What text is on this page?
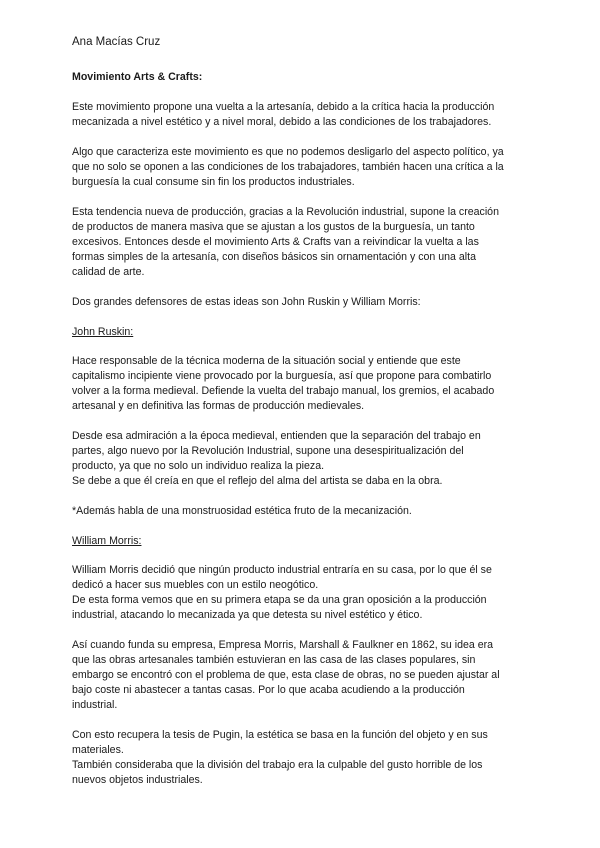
Ana Macías Cruz
Movimiento Arts & Crafts:

Este movimiento propone una vuelta a la artesanía, debido a la crítica hacia la producción
mecanizada a nivel estético y a nivel moral, debido a las condiciones de los trabajadores.

Algo que caracteriza este movimiento es que no podemos desligarlo del aspecto político, ya
que no solo se oponen a las condiciones de los trabajadores, también hacen una crítica a la
burguesía la cual consume sin fin los productos industriales.

Esta tendencia nueva de producción, gracias a la Revolución industrial, supone la creación
de productos de manera masiva que se ajustan a los gustos de la burguesía, un tanto
excesivos. Entonces desde el movimiento Arts & Crafts van a reivindicar la vuelta a las
formas simples de la artesanía, con diseños básicos sin ornamentación y con una alta
calidad de arte.

Dos grandes defensores de estas ideas son John Ruskin y William Morris:

John Ruskin:

Hace responsable de la técnica moderna de la situación social y entiende que este
capitalismo incipiente viene provocado por la burguesía, así que propone para combatirlo
volver a la forma medieval. Defiende la vuelta del trabajo manual, los gremios, el acabado
artesanal y en definitiva las formas de producción medievales.

Desde esa admiración a la época medieval, entienden que la separación del trabajo en
partes, algo nuevo por la Revolución Industrial, supone una desespiritualización del
producto, ya que no solo un individuo realiza la pieza.
Se debe a que él creía en que el reflejo del alma del artista se daba en la obra.

*Además habla de una monstruosidad estética fruto de la mecanización.

William Morris:

William Morris decidió que ningún producto industrial entraría en su casa, por lo que él se
dedicó a hacer sus muebles con un estilo neogótico.
De esta forma vemos que en su primera etapa se da una gran oposición a la producción
industrial, atacando lo mecanizada ya que detesta su nivel estético y ético.

Así cuando funda su empresa, Empresa Morris, Marshall & Faulkner en 1862, su idea era
que las obras artesanales también estuvieran en las casa de las clases populares, sin
embargo se encontró con el problema de que, esta clase de obras, no se pueden ajustar al
bajo coste ni abastecer a tantas casas. Por lo que acaba acudiendo a la producción
industrial.

Con esto recupera la tesis de Pugin, la estética se basa en la función del objeto y en sus
materiales.
También consideraba que la división del trabajo era la culpable del gusto horrible de los
nuevos objetos industriales.
